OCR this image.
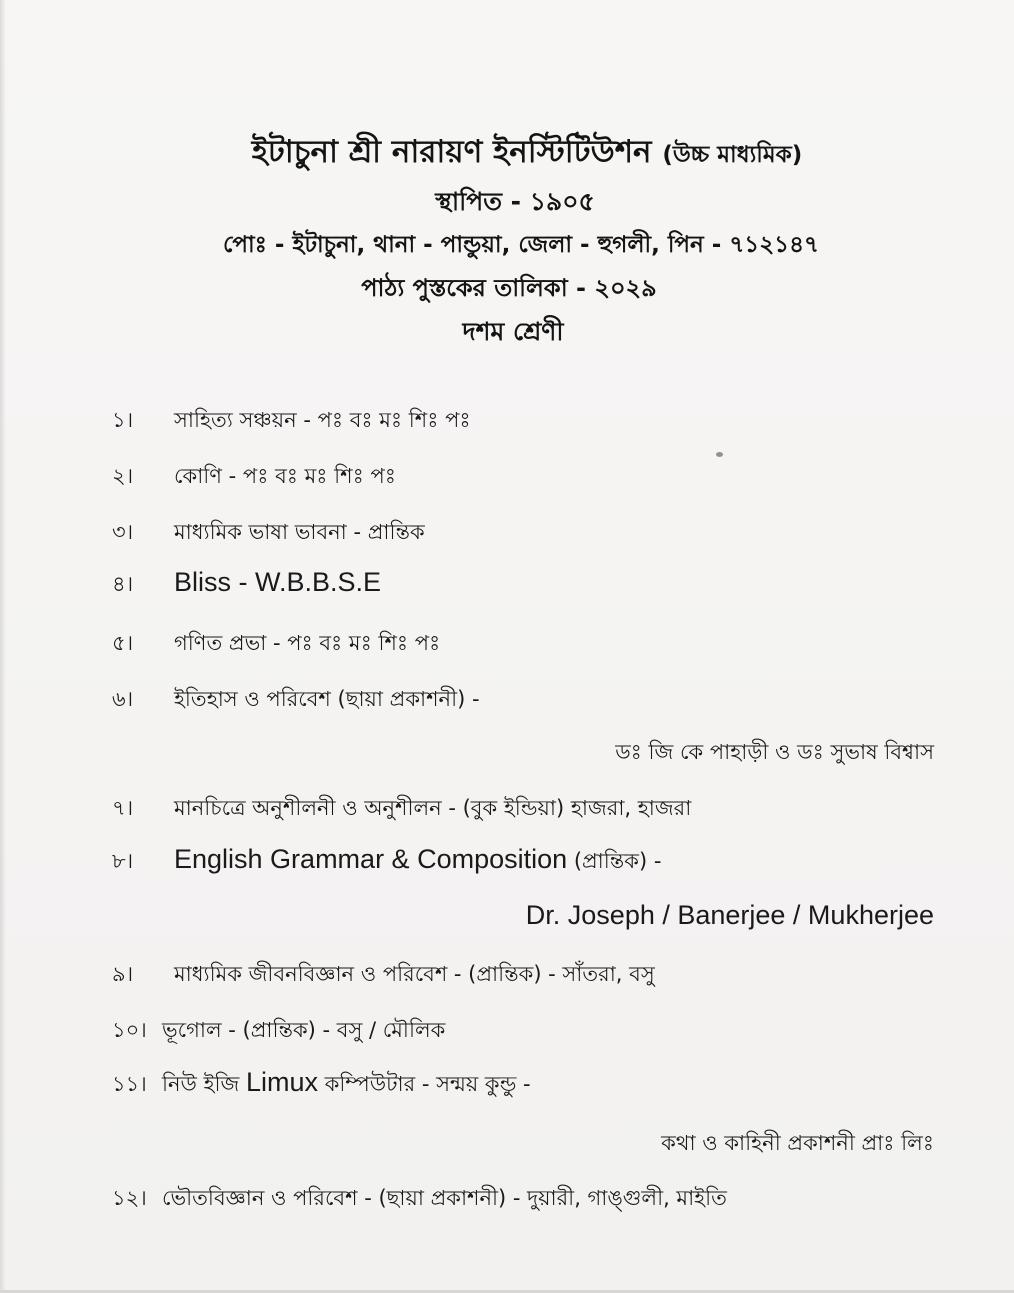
ইটাচুনা শ্রী নারায়ণ ইনস্টিটিউশন (উচ্চ মাধ্যমিক)
স্থাপিত - ১৯০৫
পোঃ - ইটাচুনা, থানা - পান্ডুয়া, জেলা - হুগলী, পিন - ৭১২১৪৭
পাঠ্য পুস্তকের তালিকা - ২০২৯
দশম শ্রেণী
১। সাহিত্য সঞ্চয়ন - পঃ বঃ মঃ শিঃ পঃ
২। কোণি - পঃ বঃ মঃ শিঃ পঃ
৩। মাধ্যমিক ভাষা ভাবনা - প্রান্তিক
৪। Bliss - W.B.B.S.E
৫। গণিত প্রভা - পঃ বঃ মঃ শিঃ পঃ
৬। ইতিহাস ও পরিবেশ (ছায়া প্রকাশনী) -
ডঃ জি কে পাহাড়ী ও ডঃ সুভাষ বিশ্বাস
৭। মানচিত্রে অনুশীলনী ও অনুশীলন - (বুক ইন্ডিয়া) হাজরা, হাজরা
৮। English Grammar & Composition (প্রান্তিক) -
Dr. Joseph / Banerjee / Mukherjee
৯। মাধ্যমিক জীবনবিজ্ঞান ও পরিবেশ - (প্রান্তিক) - সাঁতরা, বসু
১০। ভূগোল - (প্রান্তিক) - বসু / মৌলিক
১১। নিউ ইজি Limux কম্পিউটার - সন্ময় কুন্ডু -
কথা ও কাহিনী প্রকাশনী প্রাঃ লিঃ
১২। ভৌতবিজ্ঞান ও পরিবেশ - (ছায়া প্রকাশনী) - দুয়ারী, গাঙ্গুলী, মাইতি
